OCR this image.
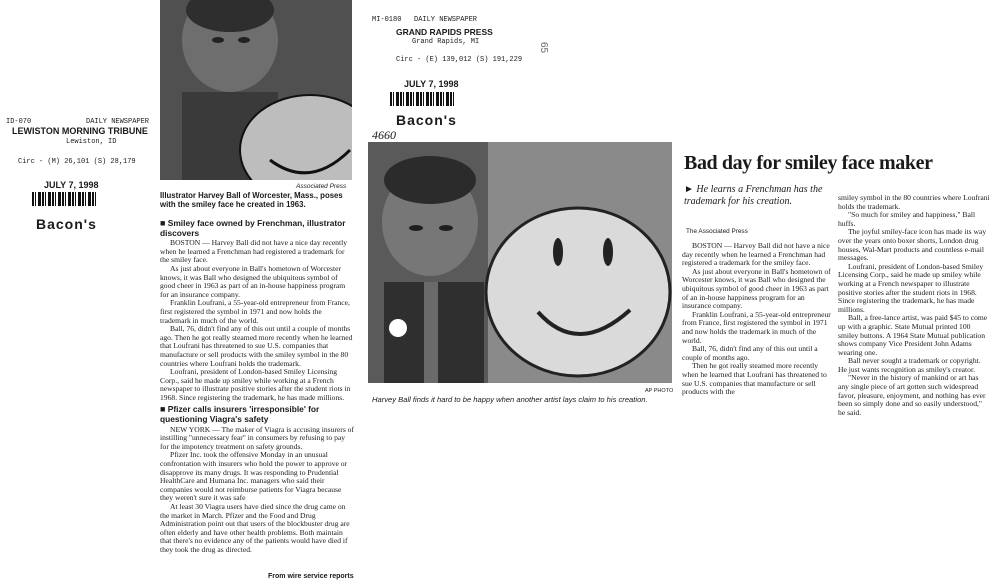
ID-070	DAILY NEWSPAPER
LEWISTON MORNING TRIBUNE
Lewiston, ID
Circ - (M) 26,101 (S) 28,179
JULY 7, 1998
Bacon's
Associated Press
Illustrator Harvey Ball of Worcester, Mass., poses with the smiley face he created in 1963.
■ Smiley face owned by Frenchman, illustrator discovers

BOSTON — Harvey Ball did not have a nice day recently when he learned a Frenchman had registered a trademark for the smiley face.

As just about everyone in Ball's hometown of Worcester knows, it was Ball who designed the ubiquitous symbol of good cheer in 1963 as part of an in-house happiness program for an insurance company.

Franklin Loufrani, a 55-year-old entrepreneur from France, first registered the symbol in 1971 and now holds the trademark in much of the world.

Ball, 76, didn't find any of this out until a couple of months ago. Then he got really steamed more recently when he learned that Loufrani has threatened to sue U.S. companies that manufacture or sell products with the smiley symbol in the 80 countries where Loufrani holds the trademark.

Loufrani, president of London-based Smiley Licensing Corp., said he made up smiley while working at a French newspaper to illustrate positive stories after the student riots in 1968. Since registering the trademark, he has made millions.

■ Pfizer calls insurers 'irresponsible' for questioning Viagra's safety

NEW YORK — The maker of Viagra is accusing insurers of instilling "unnecessary fear" in consumers by refusing to pay for the impotency treatment on safety grounds.

Pfizer Inc. took the offensive Monday in an unusual confrontation with insurers who hold the power to approve or disapprove its many drugs. It was responding to Prudential HealthCare and Humana Inc. managers who said their companies would not reimburse patients for Viagra because they weren't sure it was safe

At least 30 Viagra users have died since the drug came on the market in March. Pfizer and the Food and Drug Administration point out that users of the blockbuster drug are often elderly and have other health problems. Both maintain that there's no evidence any of the patients would have died if they took the drug as directed.

From wire service reports
MI-0180 DAILY NEWSPAPER
GRAND RAPIDS PRESS
Grand Rapids, MI
Circ - (E) 139,012 (S) 191,229
JULY 7, 1998
Bacon's
4660
65
AP PHOTO
Harvey Ball finds it hard to be happy when another artist lays claim to his creation.
Bad day for smiley face maker
► He learns a Frenchman has the trademark for his creation.
The Associated Press

BOSTON — Harvey Ball did not have a nice day recently when he learned a Frenchman had registered a trademark for the smiley face.

As just about everyone in Ball's hometown of Worcester knows, it was Ball who designed the ubiquitous symbol of good cheer in 1963 as part of an in-house happiness program for an insurance company.

Franklin Loufrani, a 55-year-old entrepreneur from France, first registered the symbol in 1971 and now holds the trademark in much of the world.

Ball, 76, didn't find any of this out until a couple of months ago.

Then he got really steamed more recently when he learned that Loufrani has threatened to sue U.S. companies that manufacture or sell products with the

smiley symbol in the 80 countries where Loufrani holds the trademark.

"So much for smiley and happiness," Ball huffs.

The joyful smiley-face icon has made its way over the years onto boxer shorts, London drug houses, Wal-Mart products and countless e-mail messages.

Loufrani, president of London-based Smiley Licensing Corp., said he made up smiley while working at a French newspaper to illustrate positive stories after the student riots in 1968. Since registering the trademark, he has made millions.

Ball, a free-lance artist, was paid $45 to come up with a graphic. State Mutual printed 100 smiley buttons. A 1964 State Mutual publication shows company Vice President John Adams wearing one.

Ball never sought a trademark or copyright. He just wants recognition as smiley's creator.

"Never in the history of mankind or art has any single piece of art gotten such widespread favor, pleasure, enjoyment, and nothing has ever been so simply done and so easily understood," he said.
